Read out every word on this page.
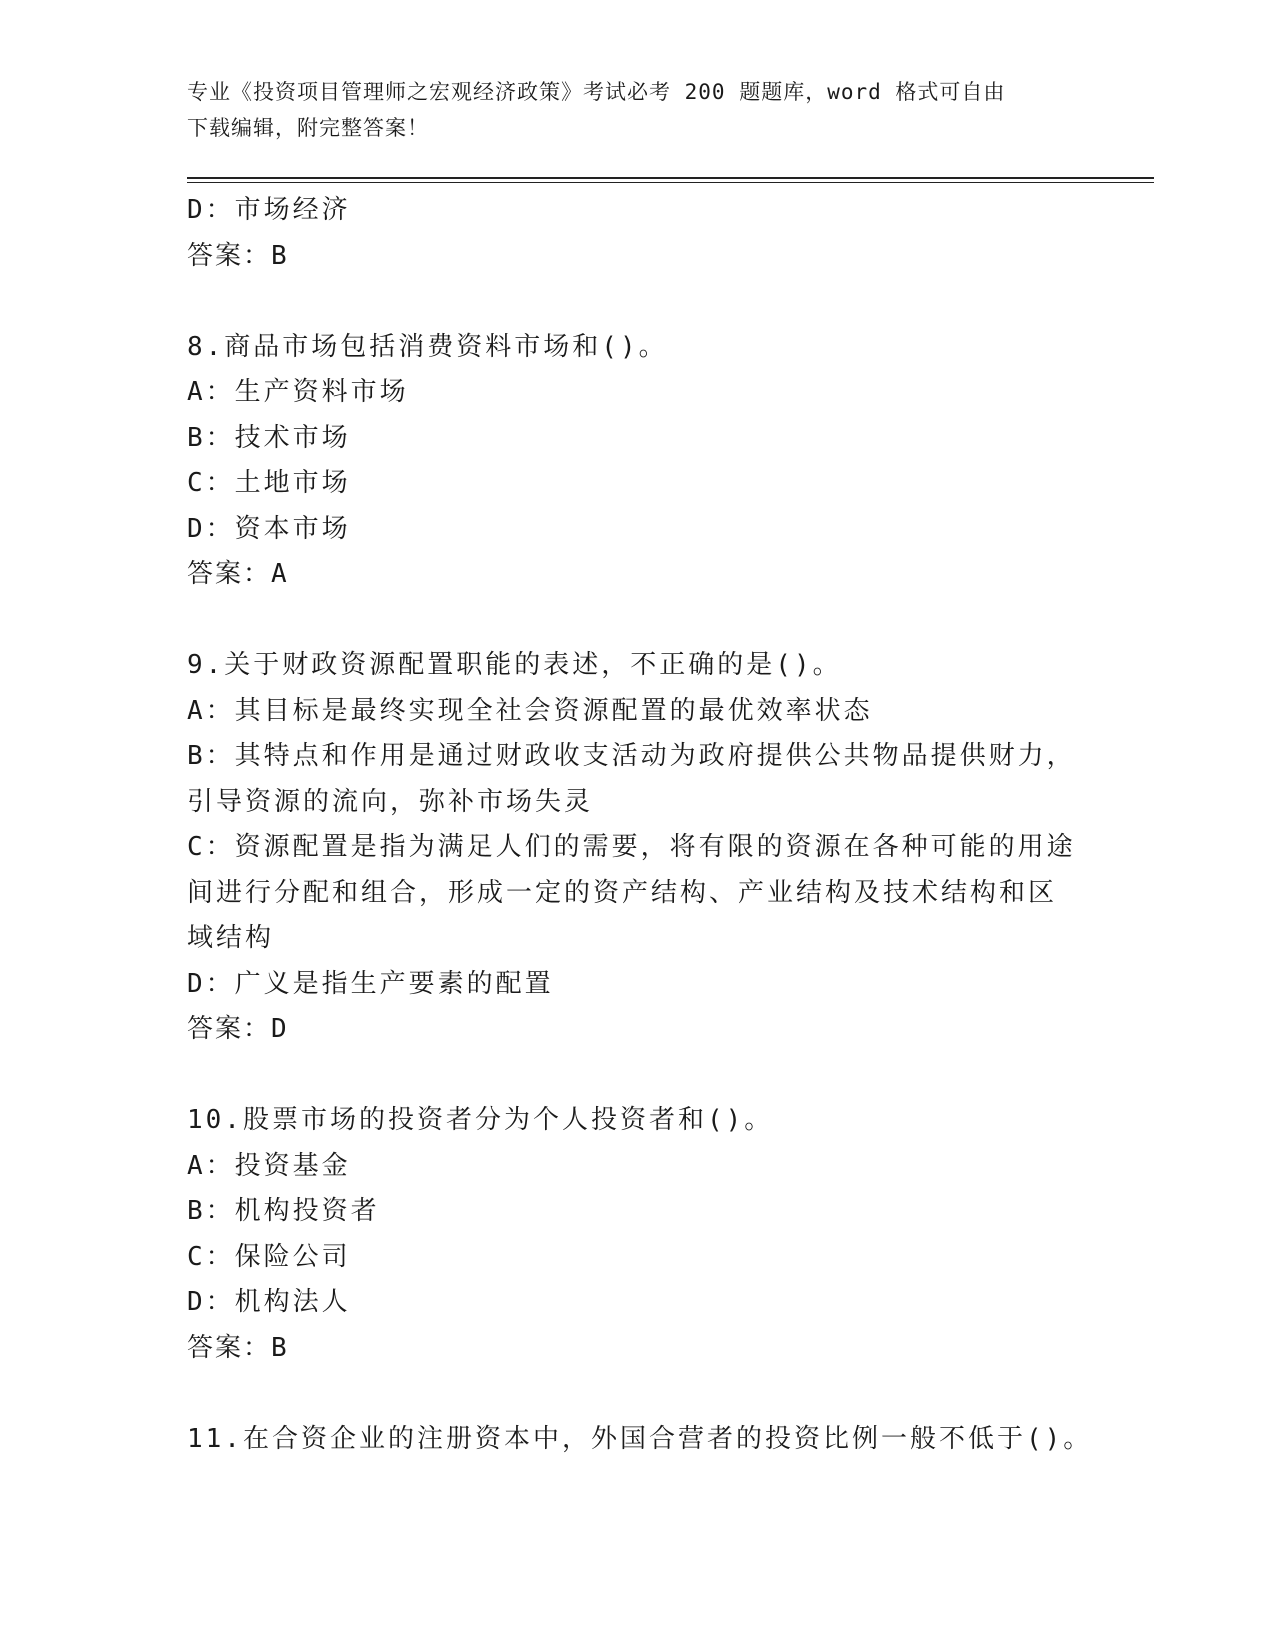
专业《投资项目管理师之宏观经济政策》考试必考 200 题题库，word 格式可自由
下载编辑，附完整答案！
D：市场经济
答案：B
8.商品市场包括消费资料市场和()。
A：生产资料市场
B：技术市场
C：土地市场
D：资本市场
答案：A
9.关于财政资源配置职能的表述，不正确的是()。
A：其目标是最终实现全社会资源配置的最优效率状态
B：其特点和作用是通过财政收支活动为政府提供公共物品提供财力，
引导资源的流向，弥补市场失灵
C：资源配置是指为满足人们的需要，将有限的资源在各种可能的用途
间进行分配和组合，形成一定的资产结构、产业结构及技术结构和区
域结构
D：广义是指生产要素的配置
答案：D
10.股票市场的投资者分为个人投资者和()。
A：投资基金
B：机构投资者
C：保险公司
D：机构法人
答案：B
11.在合资企业的注册资本中，外国合营者的投资比例一般不低于()。
